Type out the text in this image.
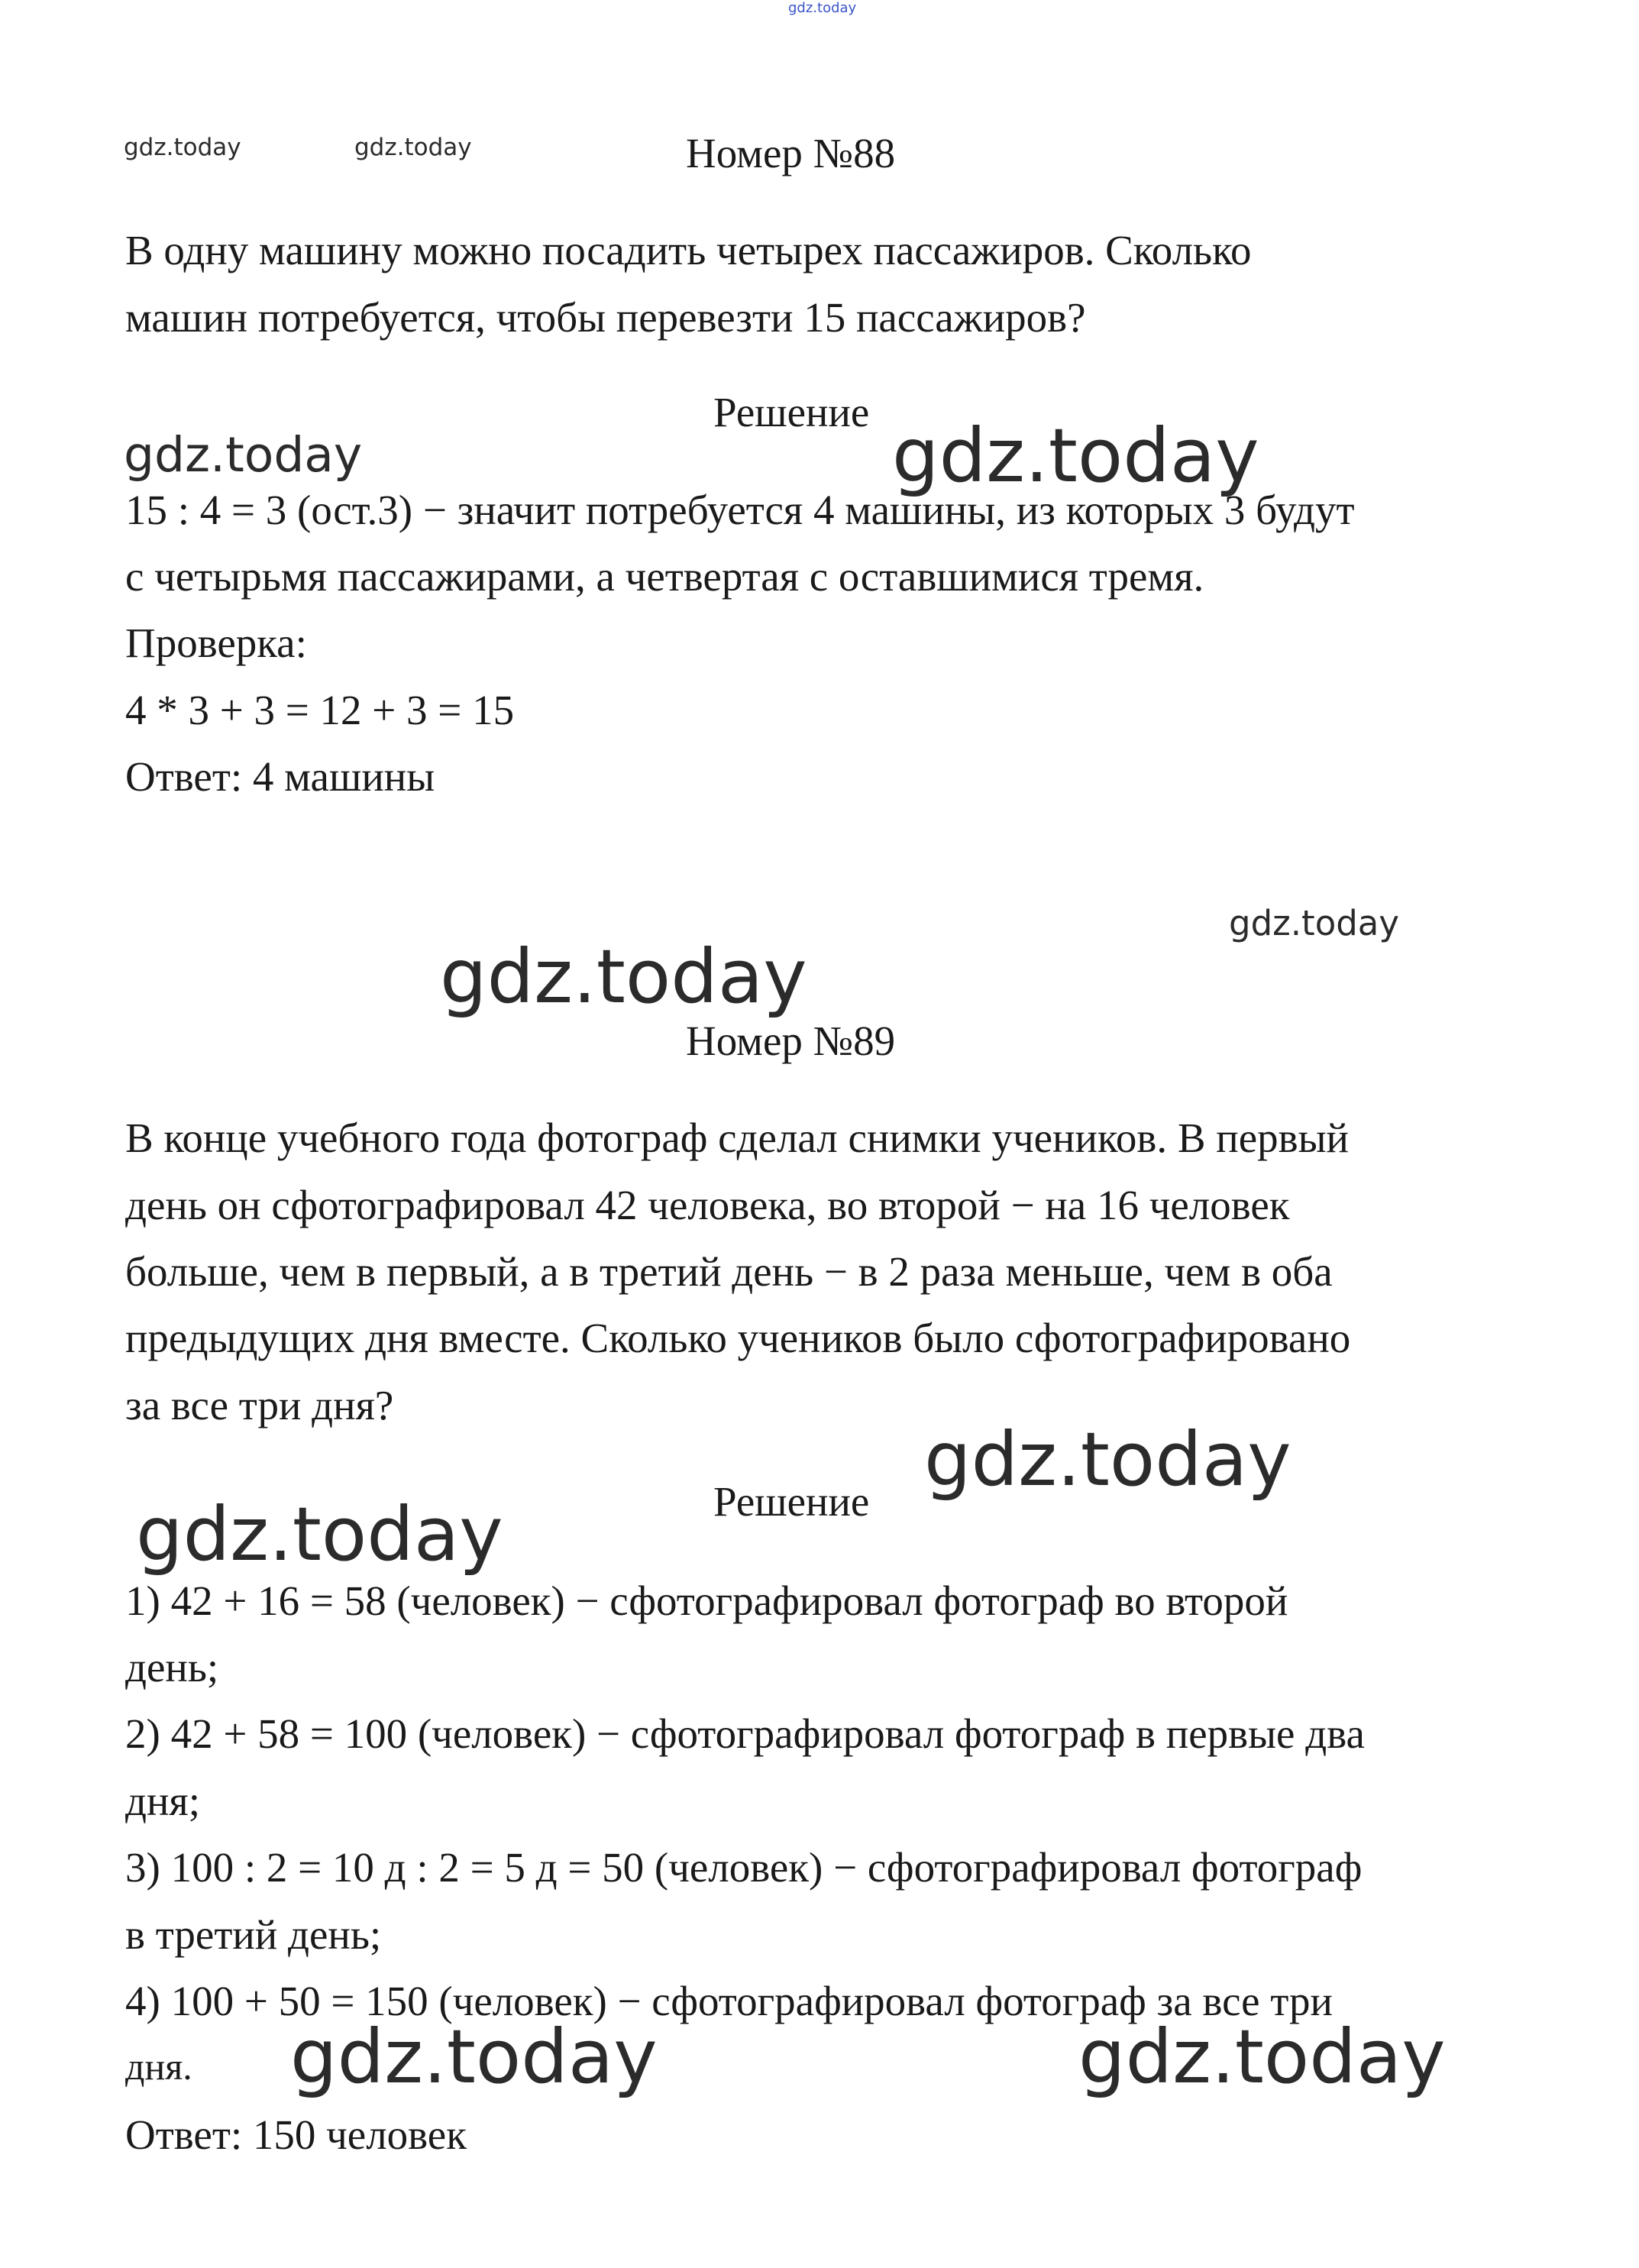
gdz.today
gdz.today	gdz.today	Номер №88
В одну машину можно посадить четырех пассажиров. Сколько
машин потребуется, чтобы перевезти 15 пассажиров?
Решение
gdz.today	gdz.today
15 : 4 = 3 (ост.3) − значит потребуется 4 машины, из которых 3 будут
с четырьмя пассажирами, а четвертая с оставшимися тремя.
Проверка:
4 * 3 + 3 = 12 + 3 = 15
Ответ: 4 машины
gdz.today
gdz.today
Номер №89
В конце учебного года фотограф сделал снимки учеников. В первый
день он сфотографировал 42 человека, во второй − на 16 человек
больше, чем в первый, а в третий день − в 2 раза меньше, чем в оба
предыдущих дня вместе. Сколько учеников было сфотографировано
за все три дня?
gdz.today
Решение
gdz.today
1) 42 + 16 = 58 (человек) − сфотографировал фотограф во второй
день;
2) 42 + 58 = 100 (человек) − сфотографировал фотограф в первые два
дня;
3) 100 : 2 = 10 д : 2 = 5 д = 50 (человек) − сфотографировал фотограф
в третий день;
4) 100 + 50 = 150 (человек) − сфотографировал фотограф за все три
дня. gdz.today	gdz.today
Ответ: 150 человек
